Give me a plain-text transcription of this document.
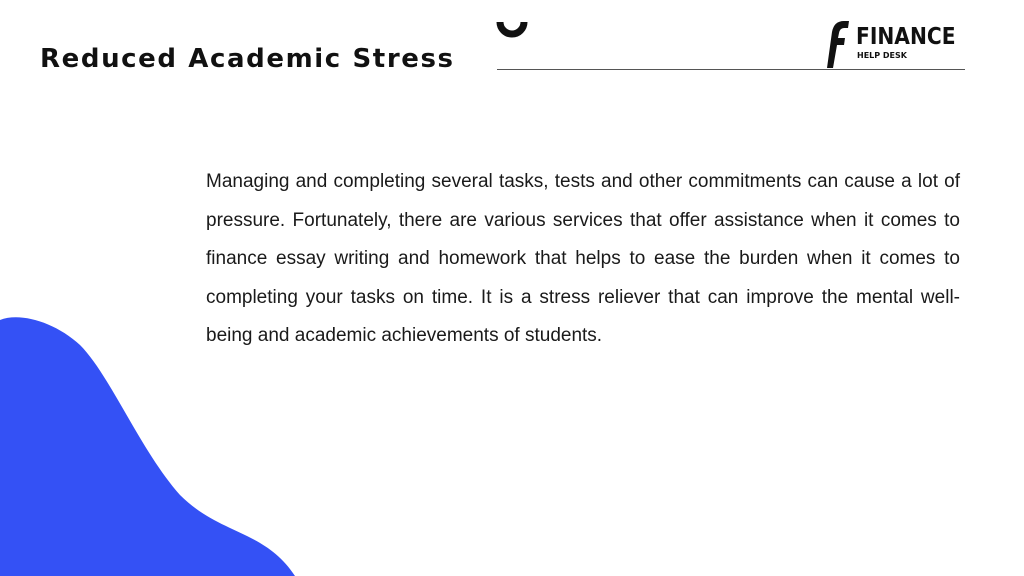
Reduced Academic Stress
FINANCE
HELP DESK

Managing and completing several tasks, tests and other commitments can cause a lot of pressure. Fortunately, there are various services that offer assistance when it comes to finance essay writing and homework that helps to ease the burden when it comes to completing your tasks on time. It is a stress reliever that can improve the mental well-being and academic achievements of students.
